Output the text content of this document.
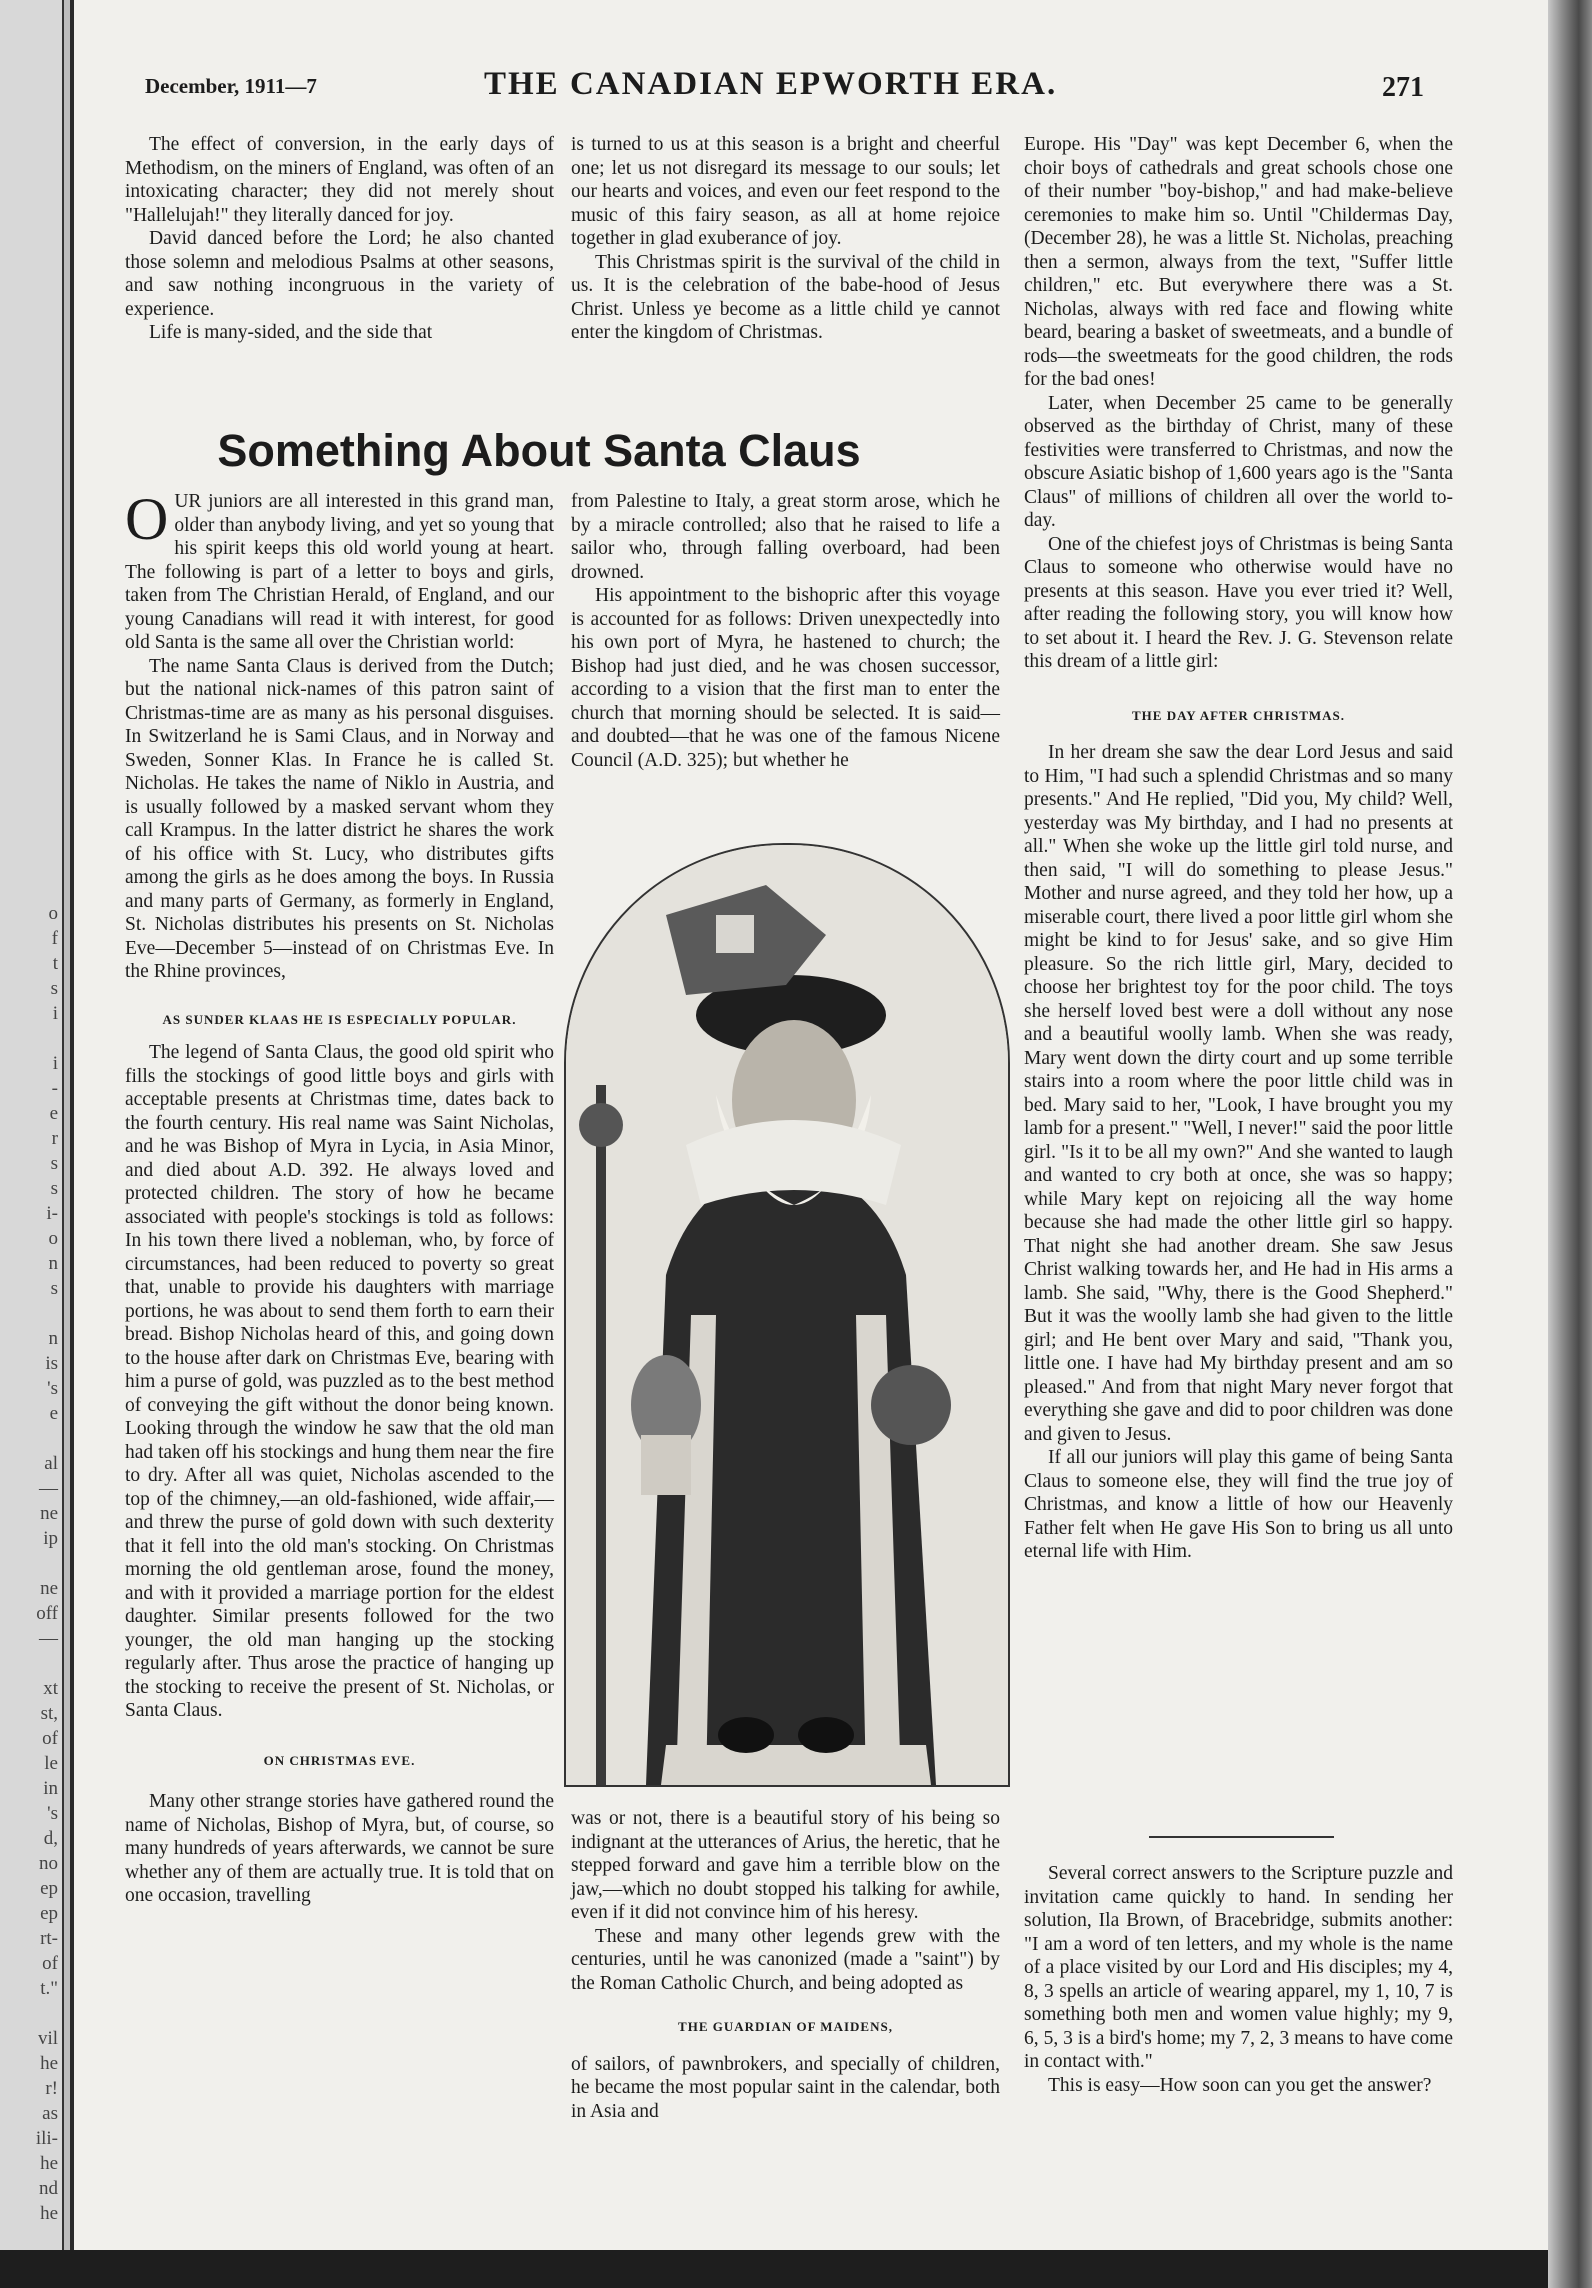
o
f
t
s
i
i
-
e
r
s
s
i-
o
n
s
n
is
's
e
al
—
ne
ip
ne
off
—
xt
st,
of
le
in
's
d,
no
ep
ep
rt-
of
t."
vil
he
r!
as
ili-
he
nd
he
December, 1911—7	THE CANADIAN EPWORTH ERA.	271

The effect of conversion, in the early days of Methodism, on the miners of England, was often of an intoxicating character; they did not merely shout "Hallelujah!" they literally danced for joy.

David danced before the Lord; he also chanted those solemn and melodious Psalms at other seasons, and saw nothing incongruous in the variety of experience.

Life is many-sided, and the side that

is turned to us at this season is a bright and cheerful one; let us not disregard its message to our souls; let our hearts and voices, and even our feet respond to the music of this fairy season, as all at home rejoice together in glad exuberance of joy.

This Christmas spirit is the survival of the child in us. It is the celebration of the babe-hood of Jesus Christ. Unless ye become as a little child ye cannot enter the kingdom of Christmas.

Something About Santa Claus

OUR juniors are all interested in this grand man, older than anybody living, and yet so young that his spirit keeps this old world young at heart. The following is part of a letter to boys and girls, taken from The Christian Herald, of England, and our young Canadians will read it with interest, for good old Santa is the same all over the Christian world:

The name Santa Claus is derived from the Dutch; but the national nick-names of this patron saint of Christmas-time are as many as his personal disguises. In Switzerland he is Sami Claus, and in Norway and Sweden, Sonner Klas. In France he is called St. Nicholas. He takes the name of Niklo in Austria, and is usually followed by a masked servant whom they call Krampus. In the latter district he shares the work of his office with St. Lucy, who distributes gifts among the girls as he does among the boys. In Russia and many parts of Germany, as formerly in England, St. Nicholas distributes his presents on St. Nicholas Eve—December 5—instead of on Christmas Eve. In the Rhine provinces,

AS SUNDER KLAAS HE IS ESPECIALLY POPULAR.

The legend of Santa Claus, the good old spirit who fills the stockings of good little boys and girls with acceptable presents at Christmas time, dates back to the fourth century. His real name was Saint Nicholas, and he was Bishop of Myra in Lycia, in Asia Minor, and died about A.D. 392. He always loved and protected children. The story of how he became associated with people's stockings is told as follows: In his town there lived a nobleman, who, by force of circumstances, had been reduced to poverty so great that, unable to provide his daughters with marriage portions, he was about to send them forth to earn their bread. Bishop Nicholas heard of this, and going down to the house after dark on Christmas Eve, bearing with him a purse of gold, was puzzled as to the best method of conveying the gift without the donor being known. Looking through the window he saw that the old man had taken off his stockings and hung them near the fire to dry. After all was quiet, Nicholas ascended to the top of the chimney,—an old-fashioned, wide affair,—and threw the purse of gold down with such dexterity that it fell into the old man's stocking. On Christmas morning the old gentleman arose, found the money, and with it provided a marriage portion for the eldest daughter. Similar presents followed for the two younger, the old man hanging up the stocking regularly after. Thus arose the practice of hanging up the stocking to receive the present of St. Nicholas, or Santa Claus.

ON CHRISTMAS EVE.

Many other strange stories have gathered round the name of Nicholas, Bishop of Myra, but, of course, so many hundreds of years afterwards, we cannot be sure whether any of them are actually true. It is told that on one occasion, travelling

from Palestine to Italy, a great storm arose, which he by a miracle controlled; also that he raised to life a sailor who, through falling overboard, had been drowned.

His appointment to the bishopric after this voyage is accounted for as follows: Driven unexpectedly into his own port of Myra, he hastened to church; the Bishop had just died, and he was chosen successor, according to a vision that the first man to enter the church that morning should be selected. It is said—and doubted—that he was one of the famous Nicene Council (A.D. 325); but whether he

was or not, there is a beautiful story of his being so indignant at the utterances of Arius, the heretic, that he stepped forward and gave him a terrible blow on the jaw,—which no doubt stopped his talking for awhile, even if it did not convince him of his heresy.

These and many other legends grew with the centuries, until he was canonized (made a "saint") by the Roman Catholic Church, and being adopted as

THE GUARDIAN OF MAIDENS,

of sailors, of pawnbrokers, and specially of children, he became the most popular saint in the calendar, both in Asia and

Europe. His "Day" was kept December 6, when the choir boys of cathedrals and great schools chose one of their number "boy-bishop," and had make-believe ceremonies to make him so. Until "Childermas Day, (December 28), he was a little St. Nicholas, preaching then a sermon, always from the text, "Suffer little children," etc. But everywhere there was a St. Nicholas, always with red face and flowing white beard, bearing a basket of sweetmeats, and a bundle of rods—the sweetmeats for the good children, the rods for the bad ones!

Later, when December 25 came to be generally observed as the birthday of Christ, many of these festivities were transferred to Christmas, and now the obscure Asiatic bishop of 1,600 years ago is the "Santa Claus" of millions of children all over the world to-day.

One of the chiefest joys of Christmas is being Santa Claus to someone who otherwise would have no presents at this season. Have you ever tried it? Well, after reading the following story, you will know how to set about it. I heard the Rev. J. G. Stevenson relate this dream of a little girl:

THE DAY AFTER CHRISTMAS.

In her dream she saw the dear Lord Jesus and said to Him, "I had such a splendid Christmas and so many presents." And He replied, "Did you, My child? Well, yesterday was My birthday, and I had no presents at all." When she woke up the little girl told nurse, and then said, "I will do something to please Jesus." Mother and nurse agreed, and they told her how, up a miserable court, there lived a poor little girl whom she might be kind to for Jesus' sake, and so give Him pleasure. So the rich little girl, Mary, decided to choose her brightest toy for the poor child. The toys she herself loved best were a doll without any nose and a beautiful woolly lamb. When she was ready, Mary went down the dirty court and up some terrible stairs into a room where the poor little child was in bed. Mary said to her, "Look, I have brought you my lamb for a present." "Well, I never!" said the poor little girl. "Is it to be all my own?" And she wanted to laugh and wanted to cry both at once, she was so happy; while Mary kept on rejoicing all the way home because she had made the other little girl so happy. That night she had another dream. She saw Jesus Christ walking towards her, and He had in His arms a lamb. She said, "Why, there is the Good Shepherd." But it was the woolly lamb she had given to the little girl; and He bent over Mary and said, "Thank you, little one. I have had My birthday present and am so pleased." And from that night Mary never forgot that everything she gave and did to poor children was done and given to Jesus.

If all our juniors will play this game of being Santa Claus to someone else, they will find the true joy of Christmas, and know a little of how our Heavenly Father felt when He gave His Son to bring us all unto eternal life with Him.

Several correct answers to the Scripture puzzle and invitation came quickly to hand. In sending her solution, Ila Brown, of Bracebridge, submits another: "I am a word of ten letters, and my whole is the name of a place visited by our Lord and His disciples; my 4, 8, 3 spells an article of wearing apparel, my 1, 10, 7 is something both men and women value highly; my 9, 6, 5, 3 is a bird's home; my 7, 2, 3 means to have come in contact with."

This is easy—How soon can you get the answer?
